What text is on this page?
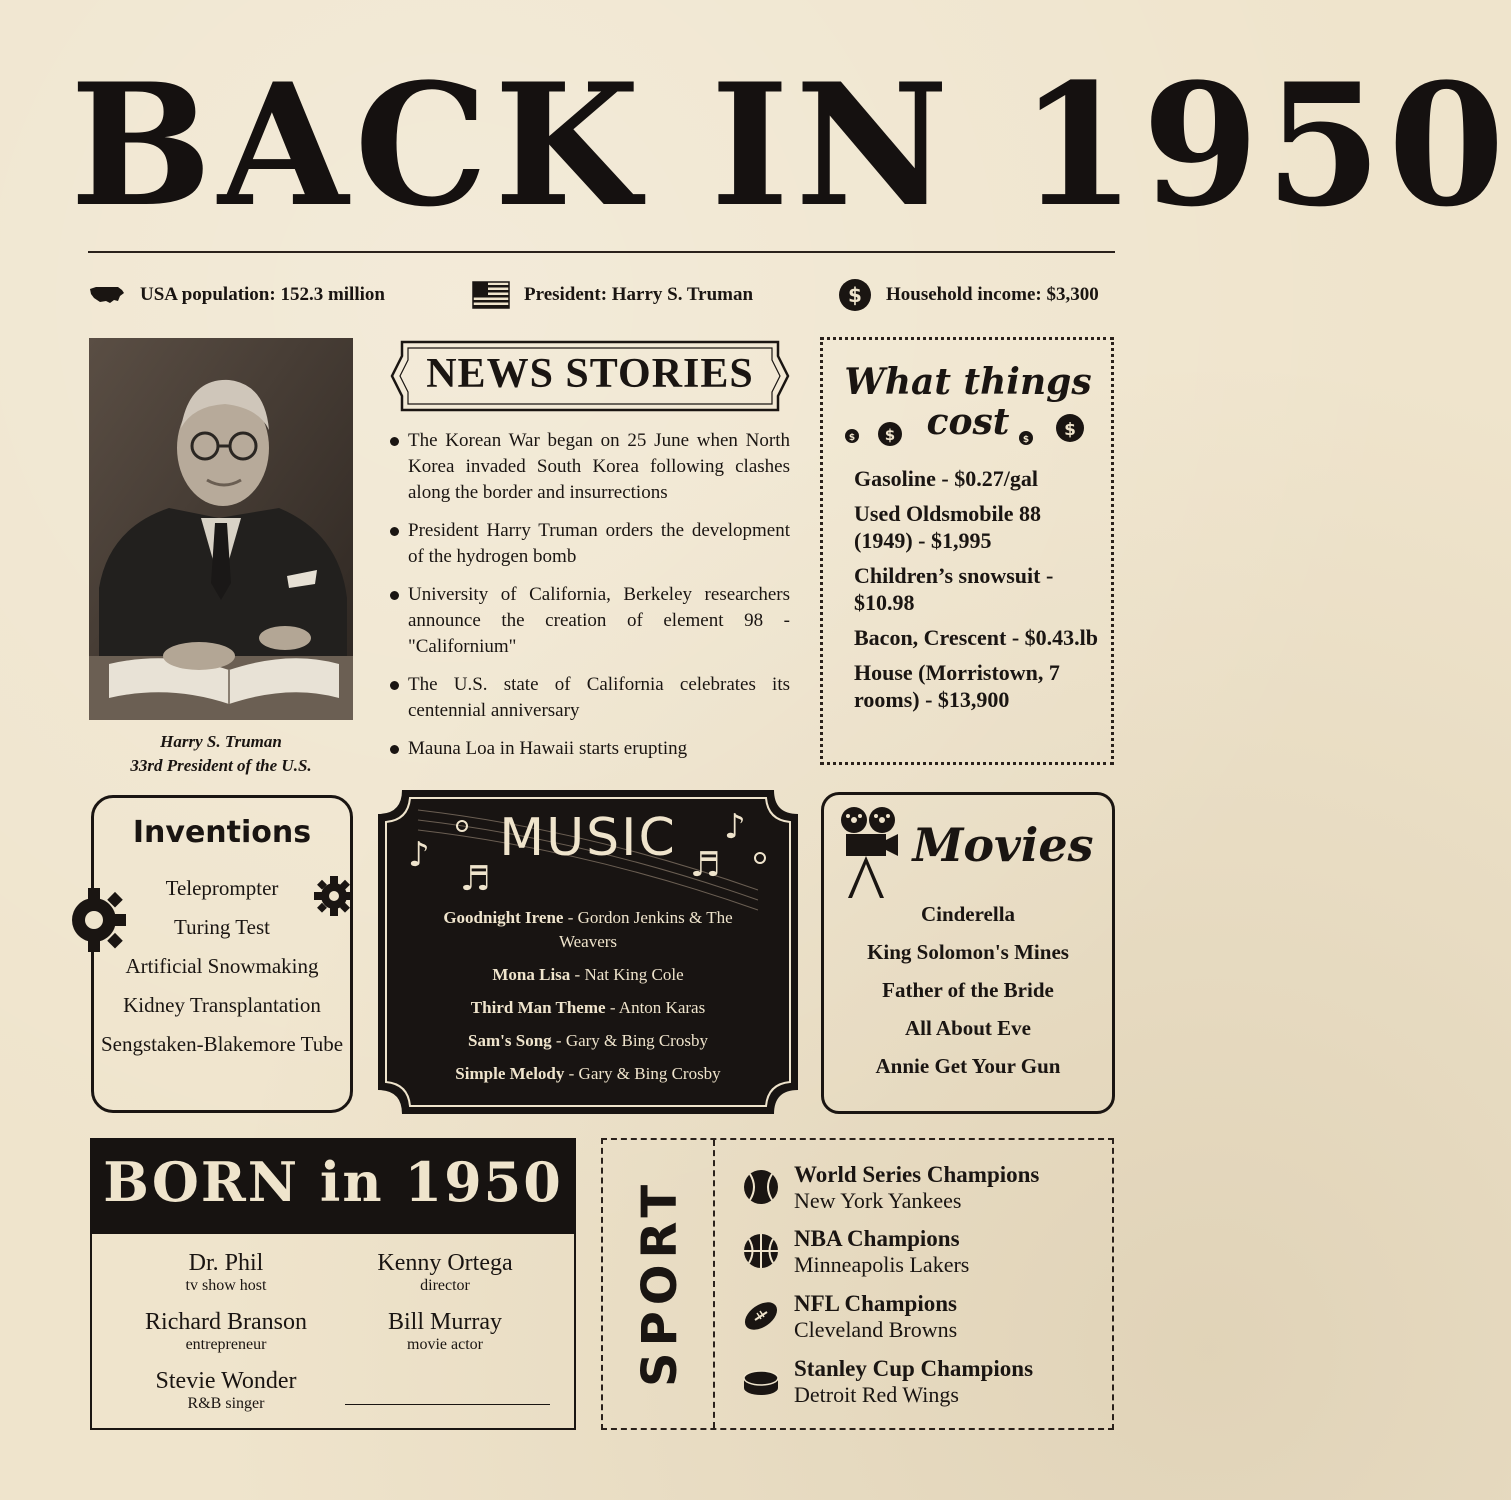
BACK IN 1950
USA population: 152.3 million	President: Harry S. Truman	$ Household income: $3,300
Harry S. Truman
33rd President of the U.S.
NEWS STORIES
The Korean War began on 25 June when North Korea invaded South Korea following clashes along the border and insurrections
President Harry Truman orders the development of the hydrogen bomb
University of California, Berkeley researchers announce the creation of element 98 - "Californium"
The U.S. state of California celebrates its centennial anniversary
Mauna Loa in Hawaii starts erupting
What things
cost
$ $	$ $
Gasoline - $0.27/gal
Used Oldsmobile 88 (1949) - $1,995
Children’s snowsuit - $10.98
Bacon, Crescent - $0.43.lb
House (Morristown, 7 rooms) - $13,900
Inventions
Teleprompter
Turing Test
Artificial Snowmaking
Kidney Transplantation
Sengstaken-Blakemore Tube
♪
♬
♪
♬
MUSIC
Goodnight Irene - Gordon Jenkins & The Weavers
Mona Lisa - Nat King Cole
Third Man Theme - Anton Karas
Sam's Song - Gary & Bing Crosby
Simple Melody - Gary & Bing Crosby
Movies
Cinderella
King Solomon's Mines
Father of the Bride
All About Eve
Annie Get Your Gun
BORN in 1950
Dr. Phil
tv show host
Kenny Ortega
director
Richard Branson
entrepreneur
Bill Murray
movie actor
Stevie Wonder
R&B singer
SPORT
World Series Champions
New York Yankees
NBA Champions
Minneapolis Lakers
NFL Champions
Cleveland Browns
Stanley Cup Champions
Detroit Red Wings
